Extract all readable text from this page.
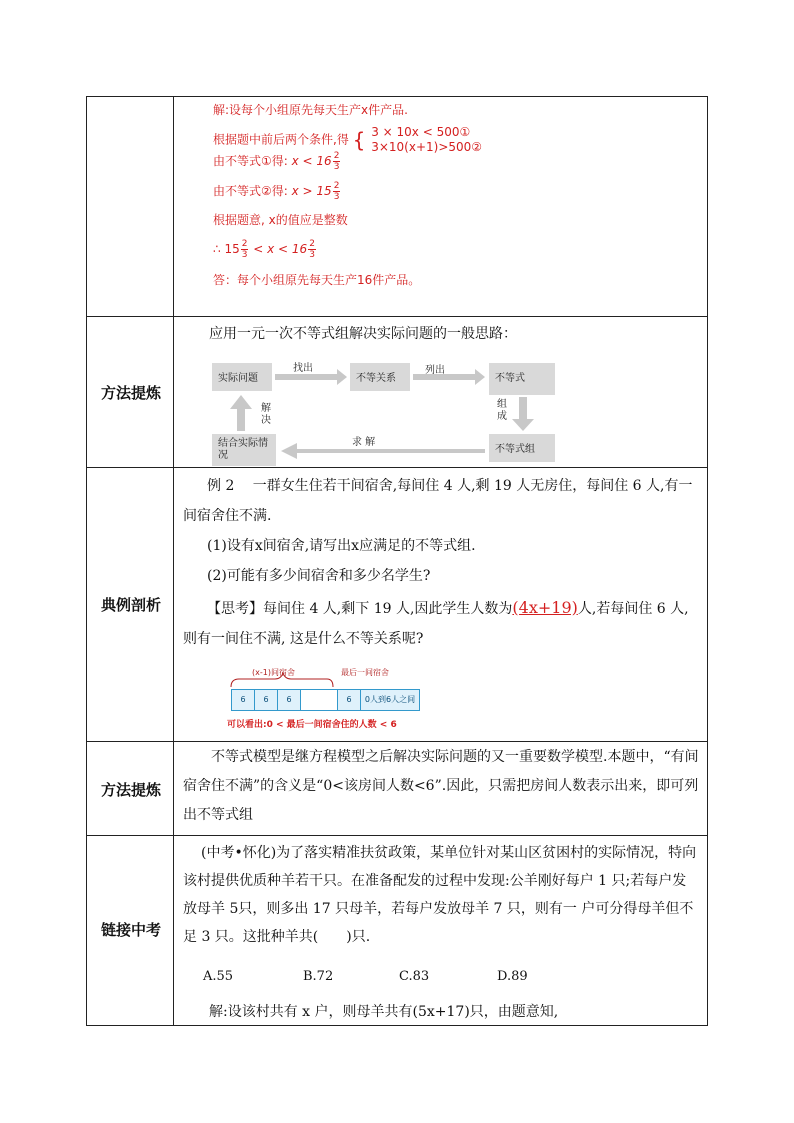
解:设每个小组原先每天生产x件产品.
根据题中前后两个条件,得 { 3 × 10x < 500①
3×10(x+1)>500②
由不等式①得: $x < 16 \frac{2}{3}$
由不等式②得: $x > 15 \frac{2}{3}$
根据题意, x的值应是整数
∴ $15 \frac{2}{3} < x < 16 \frac{2}{3}$
答：每个小组原先每天生产16件产品。
方法提炼
应用一元一次不等式组解决实际问题的一般思路：
实际问题	不等关系	不等式
不等式组
结合实际情况
找出	列出
组成
求 解
解决
典例剖析
例 2　 一群女生住若干间宿舍,每间住 4 人,剩 19 人无房住，每间住 6 人,有一间宿舍住不满.
(1)设有x间宿舍,请写出x应满足的不等式组.
(2)可能有多少间宿舍和多少名学生?
【思考】每间住 4 人,剩下 19 人,因此学生人数为(4x+19)人,若每间住 6 人,则有一间住不满, 这是什么不等关系呢?
(x-1)间宿舍	最后一间宿舍
6	6	6	6	0人到6人之间
可以看出:0 < 最后一间宿舍住的人数 < 6
方法提炼
不等式模型是继方程模型之后解决实际问题的又一重要数学模型.本题中，“有间宿舍住不满”的含义是“0<该房间人数<6”.因此，只需把房间人数表示出来，即可列出不等式组
链接中考
(中考•怀化)为了落实精准扶贫政策，某单位针对某山区贫困村的实际情况，特向该村提供优质种羊若干只。在准备配发的过程中发现:公羊刚好每户 1 只;若每户发放母羊 5只，则多出 17 只母羊，若每户发放母羊 7 只，则有一 户可分得母羊但不足 3 只。这批种羊共(　　)只.
A.55	B.72	C.83	D.89
解:设该村共有 x 户，则母羊共有(5x+17)只，由题意知,
